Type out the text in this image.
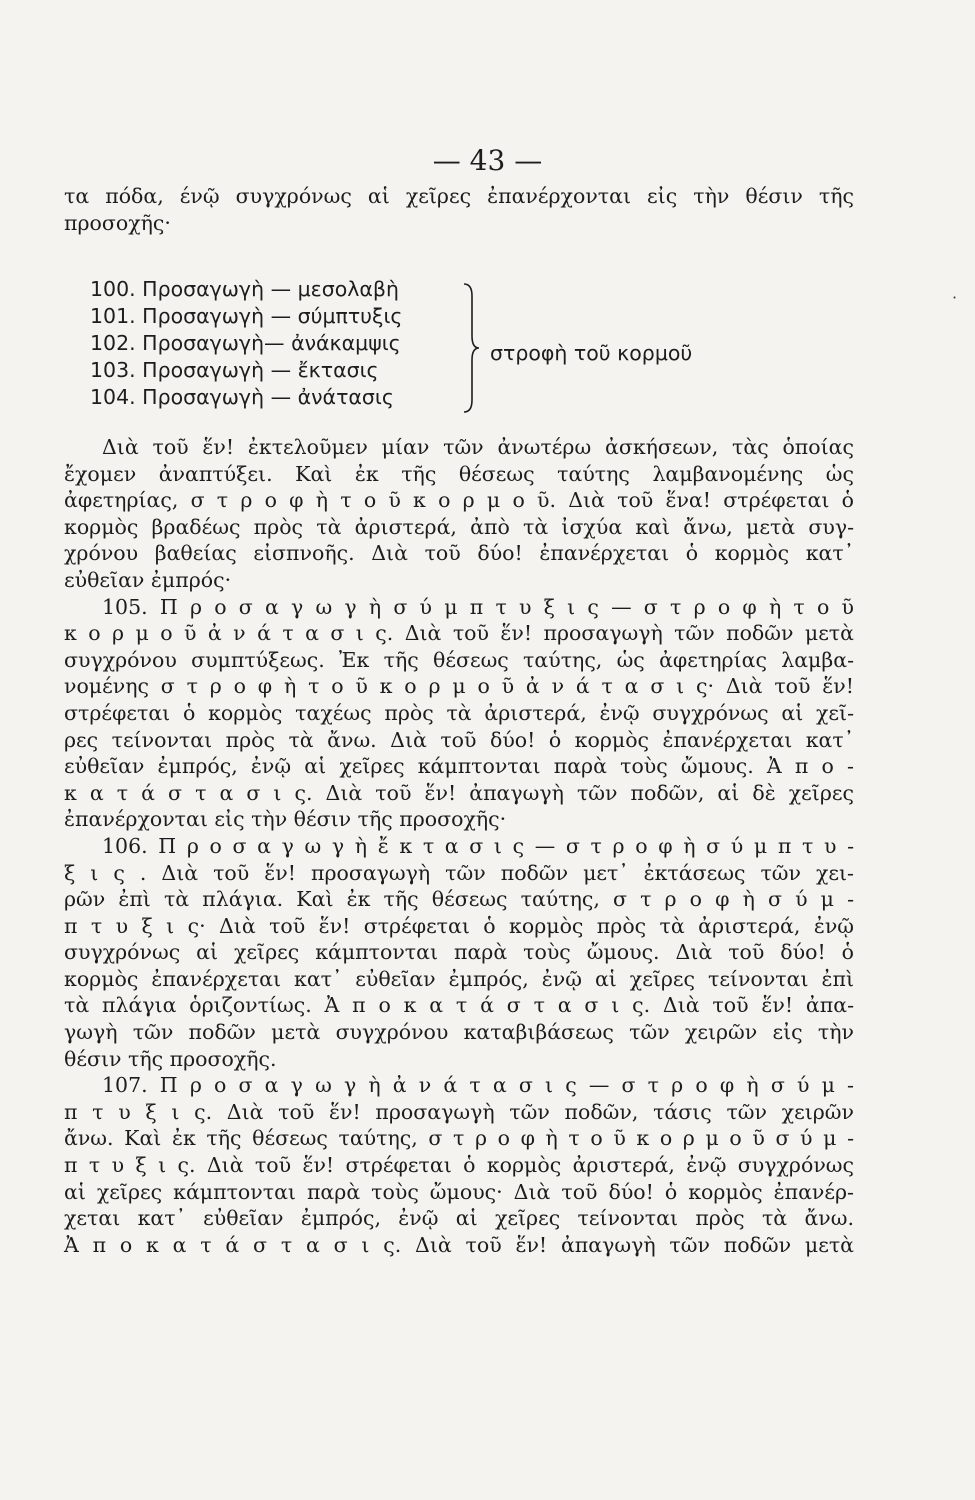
— 43 —
τα πόδα, ένῷ συγχρόνως αἱ χεῖρες ἐπανέρχονται εἰς τὴν θέσιν τῆς
προσοχῆς·
100. Προσαγωγὴ — μεσολαβὴ
101. Προσαγωγὴ — σύμπτυξις
102. Προσαγωγὴ— ἀνάκαμψις
103. Προσαγωγὴ — ἔκτασις
104. Προσαγωγὴ — ἀνάτασις
στροφὴ τοῦ κορμοῦ
·
Διὰ τοῦ ἕν! ἐκτελοῦμεν μίαν τῶν ἀνωτέρω ἀσκήσεων, τὰς ὁποίας
ἔχομεν ἀναπτύξει. Καὶ ἐκ τῆς θέσεως ταύτης λαμβανομένης ὡς
ἀφετηρίας, σ τ ρ ο φ ὴ τ ο ῦ κ ο ρ μ ο ῦ. Διὰ τοῦ ἕνα! στρέφεται ὁ
κορμὸς βραδέως πρὸς τὰ ἀριστερά, ἀπὸ τὰ ἰσχύα καὶ ἄνω, μετὰ συγ-
χρόνου βαθείας εἰσπνοῆς. Διὰ τοῦ δύο! ἐπανέρχεται ὁ κορμὸς κατ᾿
εὐθεῖαν ἐμπρός·
105. Π ρ ο σ α γ ω γ ὴ σ ύ μ π τ υ ξ ι ς — σ τ ρ ο φ ὴ τ ο ῦ
κ ο ρ μ ο ῦ ἀ ν ά τ α σ ι ς. Διὰ τοῦ ἕν! προσαγωγὴ τῶν ποδῶν μετὰ
συγχρόνου συμπτύξεως. Ἐκ τῆς θέσεως ταύτης, ὡς ἀφετηρίας λαμβα-
νομένης σ τ ρ ο φ ὴ τ ο ῦ κ ο ρ μ ο ῦ ἀ ν ά τ α σ ι ς· Διὰ τοῦ ἕν!
στρέφεται ὁ κορμὸς ταχέως πρὸς τὰ ἀριστερά, ἐνῷ συγχρόνως αἱ χεῖ-
ρες τείνονται πρὸς τὰ ἄνω. Διὰ τοῦ δύο! ὁ κορμὸς ἐπανέρχεται κατ᾿
εὐθεῖαν ἐμπρός, ἐνῷ αἱ χεῖρες κάμπτονται παρὰ τοὺς ὤμους. Ἀ π ο -
κ α τ ά σ τ α σ ι ς. Διὰ τοῦ ἕν! ἀπαγωγὴ τῶν ποδῶν, αἱ δὲ χεῖρες
ἐπανέρχονται εἰς τὴν θέσιν τῆς προσοχῆς·
106. Π ρ ο σ α γ ω γ ὴ ἔ κ τ α σ ι ς — σ τ ρ ο φ ὴ σ ύ μ π τ υ -
ξ ι ς . Διὰ τοῦ ἕν! προσαγωγὴ τῶν ποδῶν μετ᾿ ἐκτάσεως τῶν χει-
ρῶν ἐπὶ τὰ πλάγια. Καὶ ἐκ τῆς θέσεως ταύτης, σ τ ρ ο φ ὴ σ ύ μ -
π τ υ ξ ι ς· Διὰ τοῦ ἕν! στρέφεται ὁ κορμὸς πρὸς τὰ ἀριστερά, ἐνῷ
συγχρόνως αἱ χεῖρες κάμπτονται παρὰ τοὺς ὤμους. Διὰ τοῦ δύο! ὁ
κορμὸς ἐπανέρχεται κατ᾿ εὐθεῖαν ἐμπρός, ἐνῷ αἱ χεῖρες τείνονται ἐπὶ
τὰ πλάγια ὁριζοντίως. Ἀ π ο κ α τ ά σ τ α σ ι ς. Διὰ τοῦ ἕν! ἀπα-
γωγὴ τῶν ποδῶν μετὰ συγχρόνου καταβιβάσεως τῶν χειρῶν εἰς τὴν
θέσιν τῆς προσοχῆς.
107. Π ρ ο σ α γ ω γ ὴ ἀ ν ά τ α σ ι ς — σ τ ρ ο φ ὴ σ ύ μ -
π τ υ ξ ι ς. Διὰ τοῦ ἕν! προσαγωγὴ τῶν ποδῶν, τάσις τῶν χειρῶν
ἄνω. Καὶ ἐκ τῆς θέσεως ταύτης, σ τ ρ ο φ ὴ τ ο ῦ κ ο ρ μ ο ῦ σ ύ μ -
π τ υ ξ ι ς. Διὰ τοῦ ἕν! στρέφεται ὁ κορμὸς ἀριστερά, ἐνῷ συγχρόνως
αἱ χεῖρες κάμπτονται παρὰ τοὺς ὤμους· Διὰ τοῦ δύο! ὁ κορμὸς ἐπανέρ-
χεται κατ᾿ εὐθεῖαν ἐμπρός, ἐνῷ αἱ χεῖρες τείνονται πρὸς τὰ ἄνω.
Ἀ π ο κ α τ ά σ τ α σ ι ς. Διὰ τοῦ ἕν! ἀπαγωγὴ τῶν ποδῶν μετὰ
